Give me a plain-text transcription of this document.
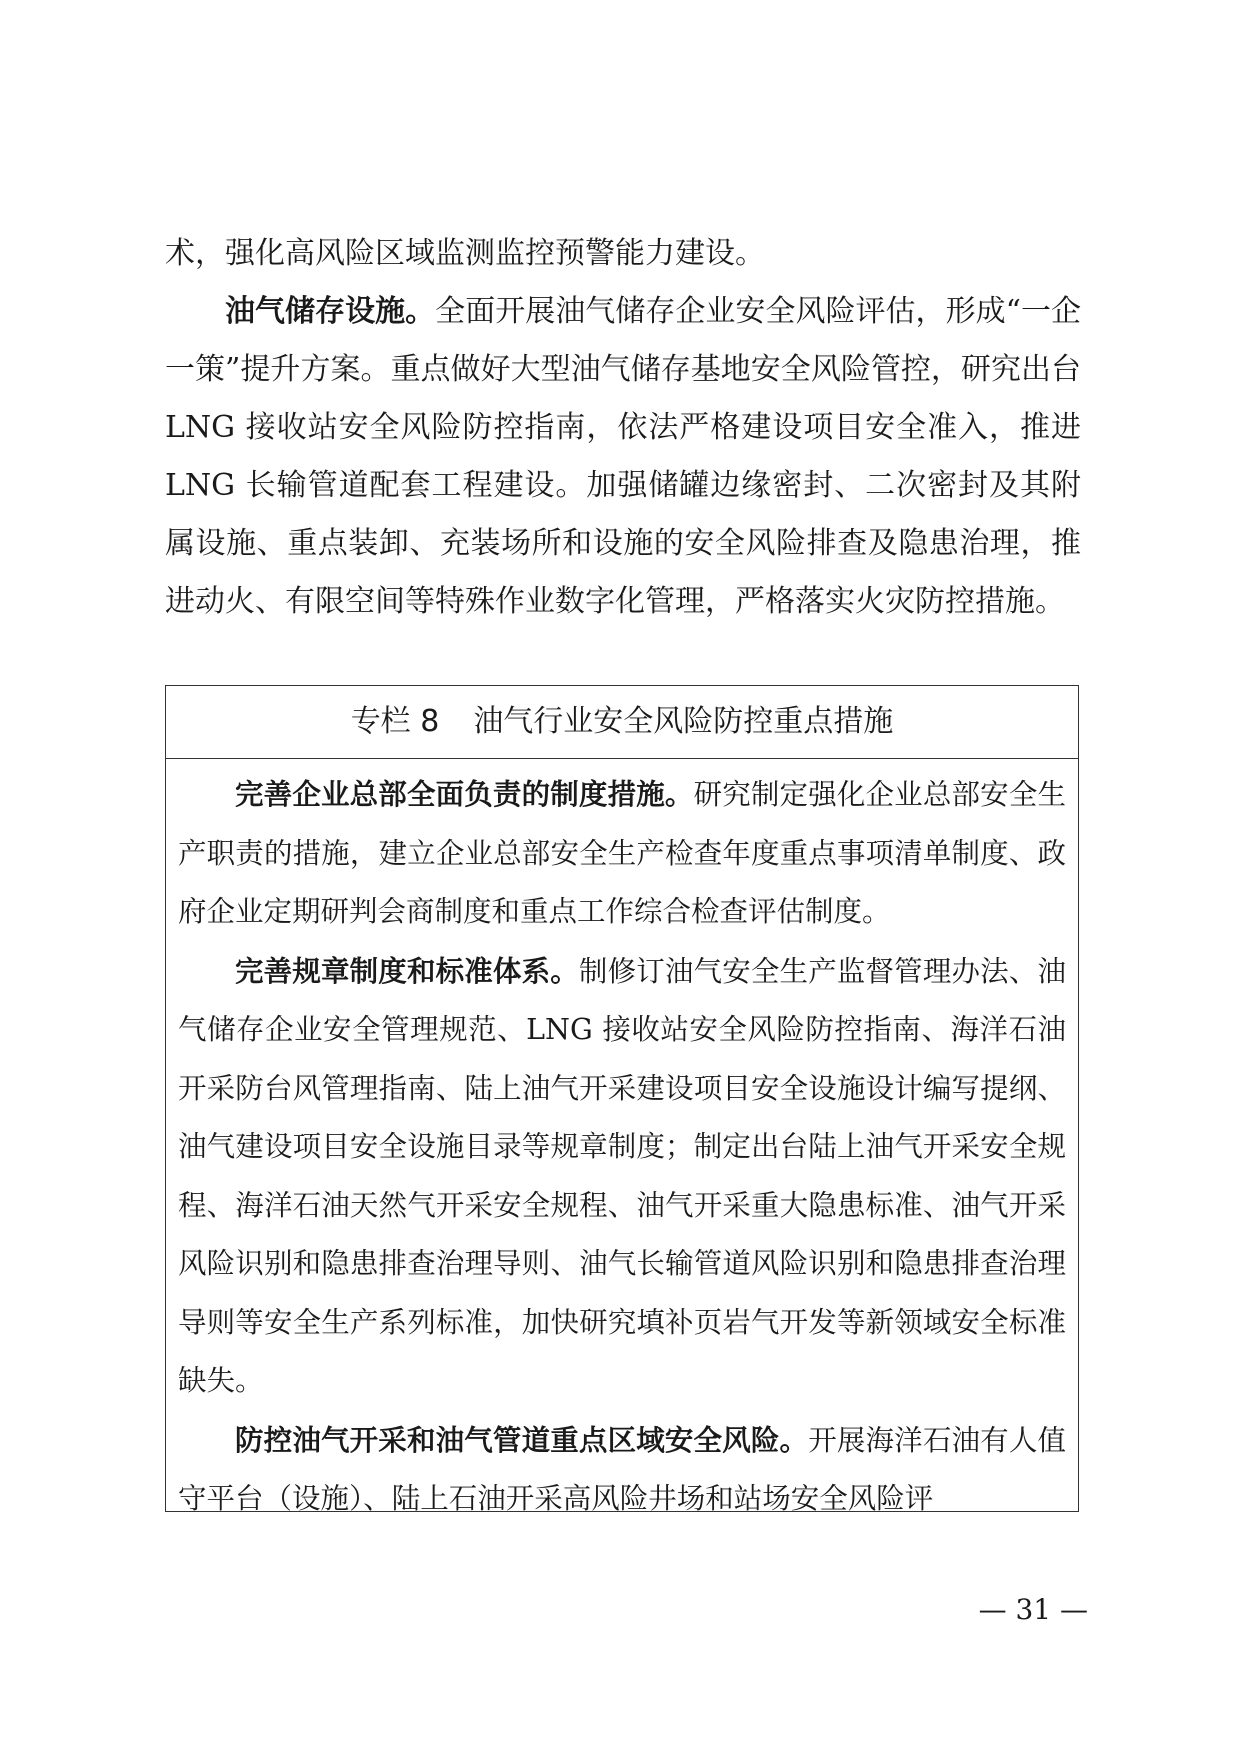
术，强化高风险区域监测监控预警能力建设。

油气储存设施。全面开展油气储存企业安全风险评估，形成“一企一策”提升方案。重点做好大型油气储存基地安全风险管控，研究出台 LNG 接收站安全风险防控指南，依法严格建设项目安全准入，推进 LNG 长输管道配套工程建设。加强储罐边缘密封、二次密封及其附属设施、重点装卸、充装场所和设施的安全风险排查及隐患治理，推进动火、有限空间等特殊作业数字化管理，严格落实火灾防控措施。

专栏 8 油气行业安全风险防控重点措施

完善企业总部全面负责的制度措施。研究制定强化企业总部安全生产职责的措施，建立企业总部安全生产检查年度重点事项清单制度、政府企业定期研判会商制度和重点工作综合检查评估制度。

完善规章制度和标准体系。制修订油气安全生产监督管理办法、油气储存企业安全管理规范、LNG 接收站安全风险防控指南、海洋石油开采防台风管理指南、陆上油气开采建设项目安全设施设计编写提纲、油气建设项目安全设施目录等规章制度；制定出台陆上油气开采安全规程、海洋石油天然气开采安全规程、油气开采重大隐患标准、油气开采风险识别和隐患排查治理导则、油气长输管道风险识别和隐患排查治理导则等安全生产系列标准，加快研究填补页岩气开发等新领域安全标准缺失。

防控油气开采和油气管道重点区域安全风险。开展海洋石油有人值守平台（设施）、陆上石油开采高风险井场和站场安全风险评

— 31 —
